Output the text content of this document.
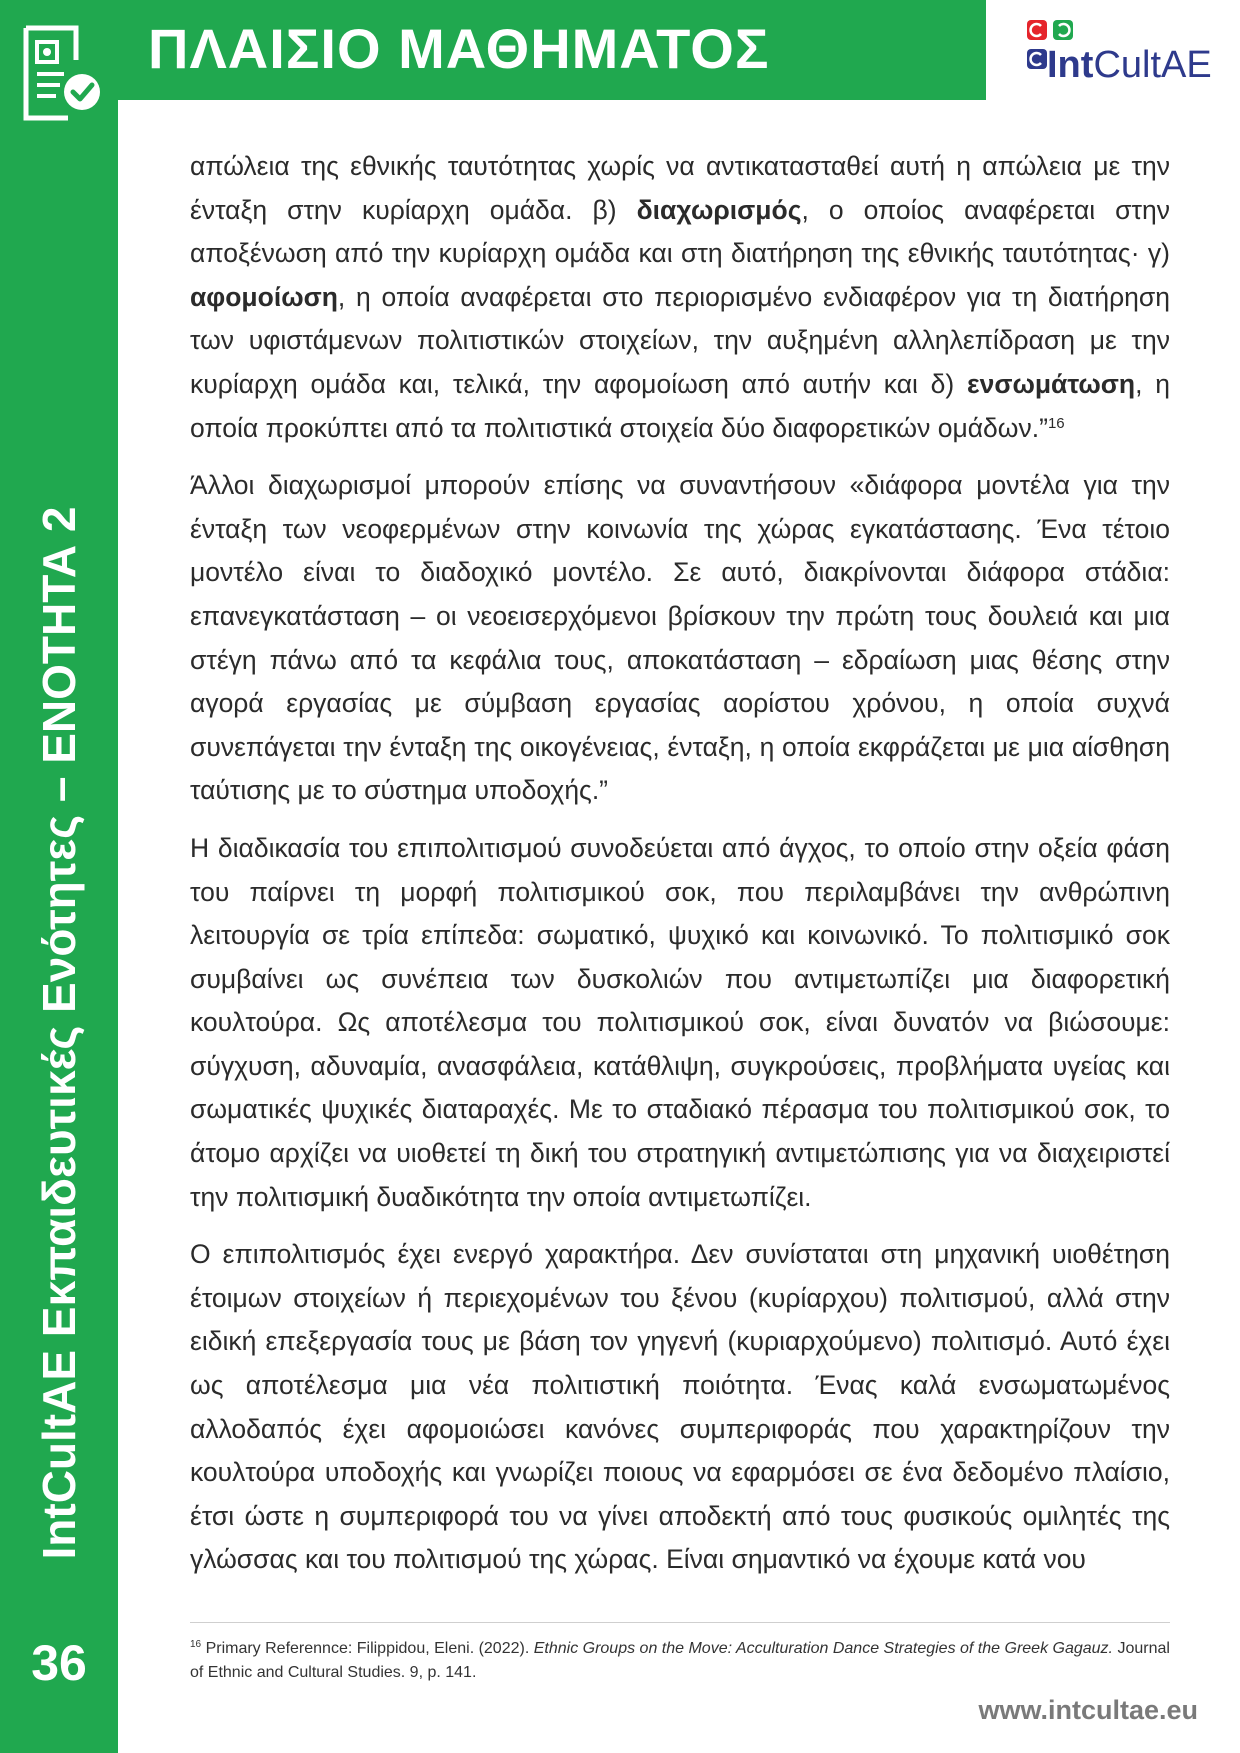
IntCultAE Εκπαιδευτικές Ενότητες – ΕΝΟΤΗΤΑ 2
36
ΠΛΑΙΣΙΟ ΜΑΘΗΜΑΤΟΣ	IntCultAE

απώλεια της εθνικής ταυτότητας χωρίς να αντικατασταθεί αυτή η απώλεια με την ένταξη στην κυρίαρχη ομάδα. β) διαχωρισμός, ο οποίος αναφέρεται στην αποξένωση από την κυρίαρχη ομάδα και στη διατήρηση της εθνικής ταυτότητας· γ) αφομοίωση, η οποία αναφέρεται στο περιορισμένο ενδιαφέρον για τη διατήρηση των υφιστάμενων πολιτιστικών στοιχείων, την αυξημένη αλληλεπίδραση με την κυρίαρχη ομάδα και, τελικά, την αφομοίωση από αυτήν και δ) ενσωμάτωση, η οποία προκύπτει από τα πολιτιστικά στοιχεία δύο διαφορετικών ομάδων.”$^{16}$

Άλλοι διαχωρισμοί μπορούν επίσης να συναντήσουν «διάφορα μοντέλα για την ένταξη των νεοφερμένων στην κοινωνία της χώρας εγκατάστασης. Ένα τέτοιο μοντέλο είναι το διαδοχικό μοντέλο. Σε αυτό, διακρίνονται διάφορα στάδια: επανεγκατάσταση – οι νεοεισερχόμενοι βρίσκουν την πρώτη τους δουλειά και μια στέγη πάνω από τα κεφάλια τους, αποκατάσταση – εδραίωση μιας θέσης στην αγορά εργασίας με σύμβαση εργασίας αορίστου χρόνου, η οποία συχνά συνεπάγεται την ένταξη της οικογένειας, ένταξη, η οποία εκφράζεται με μια αίσθηση ταύτισης με το σύστημα υποδοχής.”

Η διαδικασία του επιπολιτισμού συνοδεύεται από άγχος, το οποίο στην οξεία φάση του παίρνει τη μορφή πολιτισμικού σοκ, που περιλαμβάνει την ανθρώπινη λειτουργία σε τρία επίπεδα: σωματικό, ψυχικό και κοινωνικό. Το πολιτισμικό σοκ συμβαίνει ως συνέπεια των δυσκολιών που αντιμετωπίζει μια διαφορετική κουλτούρα. Ως αποτέλεσμα του πολιτισμικού σοκ, είναι δυνατόν να βιώσουμε: σύγχυση, αδυναμία, ανασφάλεια, κατάθλιψη, συγκρούσεις, προβλήματα υγείας και σωματικές ψυχικές διαταραχές. Με το σταδιακό πέρασμα του πολιτισμικού σοκ, το άτομο αρχίζει να υιοθετεί τη δική του στρατηγική αντιμετώπισης για να διαχειριστεί την πολιτισμική δυαδικότητα την οποία αντιμετωπίζει.

Ο επιπολιτισμός έχει ενεργό χαρακτήρα. Δεν συνίσταται στη μηχανική υιοθέτηση έτοιμων στοιχείων ή περιεχομένων του ξένου (κυρίαρχου) πολιτισμού, αλλά στην ειδική επεξεργασία τους με βάση τον γηγενή (κυριαρχούμενο) πολιτισμό. Αυτό έχει ως αποτέλεσμα μια νέα πολιτιστική ποιότητα. Ένας καλά ενσωματωμένος αλλοδαπός έχει αφομοιώσει κανόνες συμπεριφοράς που χαρακτηρίζουν την κουλτούρα υποδοχής και γνωρίζει ποιους να εφαρμόσει σε ένα δεδομένο πλαίσιο, έτσι ώστε η συμπεριφορά του να γίνει αποδεκτή από τους φυσικούς ομιλητές της γλώσσας και του πολιτισμού της χώρας. Είναι σημαντικό να έχουμε κατά νου

$^{16}$ Primary Referennce: Filippidou, Eleni. (2022). Ethnic Groups on the Move: Acculturation Dance Strategies of the Greek Gagauz. Journal of Ethnic and Cultural Studies. 9, p. 141.
www.intcultae.eu
